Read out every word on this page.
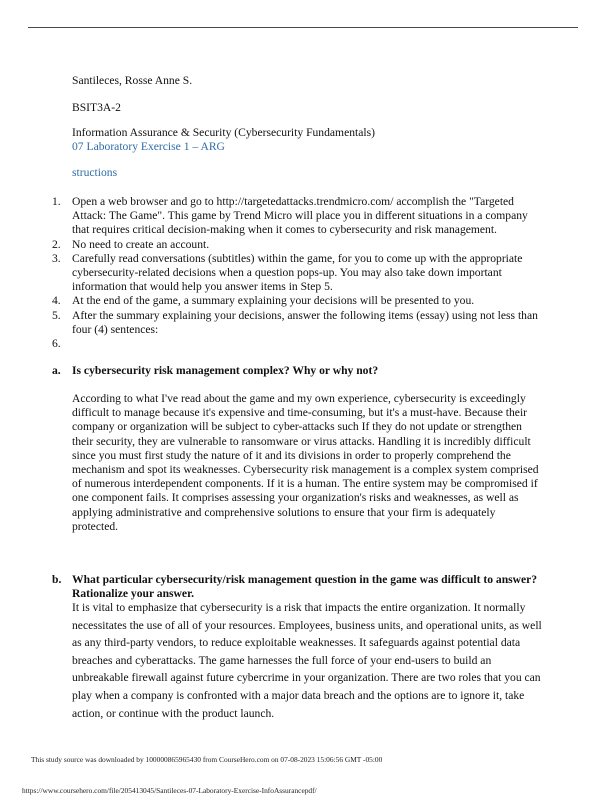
Santileces, Rosse Anne S.
BSIT3A-2
Information Assurance & Security (Cybersecurity Fundamentals)
07 Laboratory Exercise 1 – ARG
structions
1. Open a web browser and go to http://targetedattacks.trendmicro.com/ accomplish the "Targeted Attack: The Game". This game by Trend Micro will place you in different situations in a company that requires critical decision-making when it comes to cybersecurity and risk management.
2. No need to create an account.
3. Carefully read conversations (subtitles) within the game, for you to come up with the appropriate cybersecurity-related decisions when a question pops-up. You may also take down important information that would help you answer items in Step 5.
4. At the end of the game, a summary explaining your decisions will be presented to you.
5. After the summary explaining your decisions, answer the following items (essay) using not less than four (4) sentences:
6.
a. Is cybersecurity risk management complex? Why or why not?
According to what I've read about the game and my own experience, cybersecurity is exceedingly difficult to manage because it's expensive and time-consuming, but it's a must-have. Because their company or organization will be subject to cyber-attacks such If they do not update or strengthen their security, they are vulnerable to ransomware or virus attacks. Handling it is incredibly difficult since you must first study the nature of it and its divisions in order to properly comprehend the mechanism and spot its weaknesses. Cybersecurity risk management is a complex system comprised of numerous interdependent components. If it is a human. The entire system may be compromised if one component fails. It comprises assessing your organization's risks and weaknesses, as well as applying administrative and comprehensive solutions to ensure that your firm is adequately protected.
b. What particular cybersecurity/risk management question in the game was difficult to answer? Rationalize your answer.
It is vital to emphasize that cybersecurity is a risk that impacts the entire organization. It normally necessitates the use of all of your resources. Employees, business units, and operational units, as well as any third-party vendors, to reduce exploitable weaknesses. It safeguards against potential data breaches and cyberattacks. The game harnesses the full force of your end-users to build an unbreakable firewall against future cybercrime in your organization. There are two roles that you can play when a company is confronted with a major data breach and the options are to ignore it, take action, or continue with the product launch.
This study source was downloaded by 100000865965430 from CourseHero.com on 07-08-2023 15:06:56 GMT -05:00
https://www.coursehero.com/file/205413045/Santileces-07-Laboratory-Exercise-InfoAssurancepdf/
